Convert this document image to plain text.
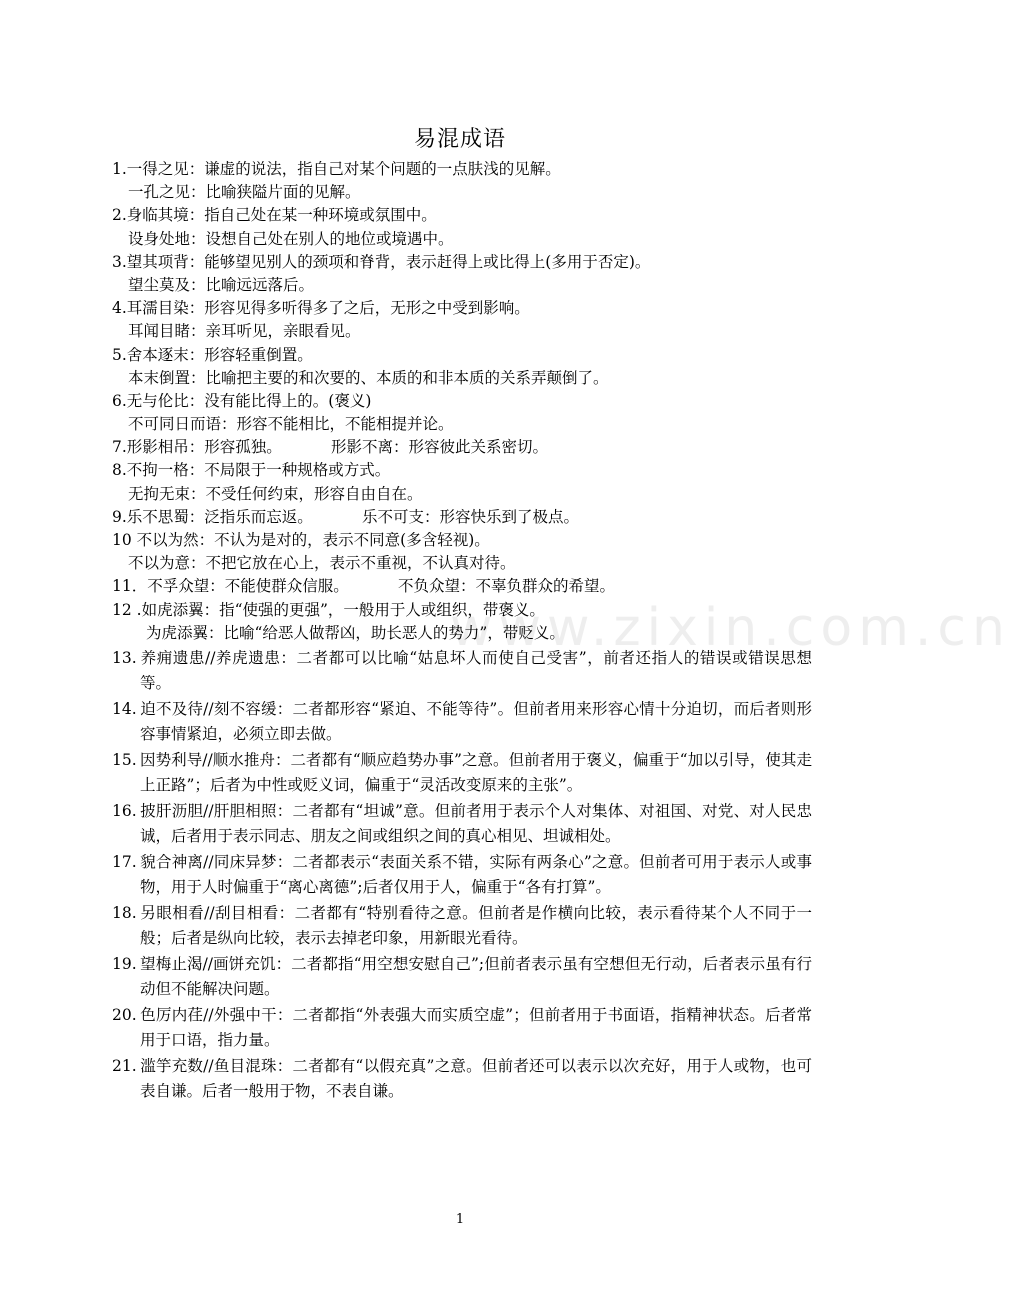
www.zixin.com.cn
易混成语
1.一得之见：谦虚的说法，指自己对某个问题的一点肤浅的见解。
一孔之见：比喻狭隘片面的见解。
2.身临其境：指自己处在某一种环境或氛围中。
设身处地：设想自己处在别人的地位或境遇中。
3.望其项背：能够望见别人的颈项和脊背，表示赶得上或比得上(多用于否定)。
望尘莫及：比喻远远落后。
4.耳濡目染：形容见得多听得多了之后，无形之中受到影响。
耳闻目睹：亲耳听见，亲眼看见。
5.舍本逐末：形容轻重倒置。
本末倒置：比喻把主要的和次要的、本质的和非本质的关系弄颠倒了。
6.无与伦比：没有能比得上的。(褒义)
不可同日而语：形容不能相比，不能相提并论。
7.形影相吊：形容孤独。          形影不离：形容彼此关系密切。
8.不拘一格：不局限于一种规格或方式。
无拘无束：不受任何约束，形容自由自在。
9.乐不思蜀：泛指乐而忘返。          乐不可支：形容快乐到了极点。
10 不以为然：不认为是对的，表示不同意(多含轻视)。
不以为意：不把它放在心上，表示不重视，不认真对待。
11．不孚众望：不能使群众信服。          不负众望：不辜负群众的希望。
12 .如虎添翼：指“使强的更强”，一般用于人或组织，带褒义。
为虎添翼：比喻“给恶人做帮凶，助长恶人的势力”，带贬义。
13. 养痈遗患//养虎遗患：二者都可以比喻“姑息坏人而使自己受害”，前者还指人的错误或错误思想等。
14. 迫不及待//刻不容缓：二者都形容“紧迫、不能等待”。但前者用来形容心情十分迫切，而后者则形容事情紧迫，必须立即去做。
15. 因势利导//顺水推舟：二者都有“顺应趋势办事”之意。但前者用于褒义，偏重于“加以引导，使其走上正路”；后者为中性或贬义词，偏重于“灵活改变原来的主张”。
16. 披肝沥胆//肝胆相照：二者都有“坦诚”意。但前者用于表示个人对集体、对祖国、对党、对人民忠诚，后者用于表示同志、朋友之间或组织之间的真心相见、坦诚相处。
17. 貌合神离//同床异梦：二者都表示“表面关系不错，实际有两条心”之意。但前者可用于表示人或事物，用于人时偏重于“离心离德”;后者仅用于人，偏重于“各有打算”。
18. 另眼相看//刮目相看：二者都有“特别看待之意。但前者是作横向比较，表示看待某个人不同于一般；后者是纵向比较，表示去掉老印象，用新眼光看待。
19. 望梅止渴//画饼充饥：二者都指“用空想安慰自己”;但前者表示虽有空想但无行动，后者表示虽有行动但不能解决问题。
20. 色厉内荏//外强中干：二者都指“外表强大而实质空虚”；但前者用于书面语，指精神状态。后者常用于口语，指力量。
21. 滥竽充数//鱼目混珠：二者都有“以假充真”之意。但前者还可以表示以次充好，用于人或物，也可表自谦。后者一般用于物，不表自谦。
1
